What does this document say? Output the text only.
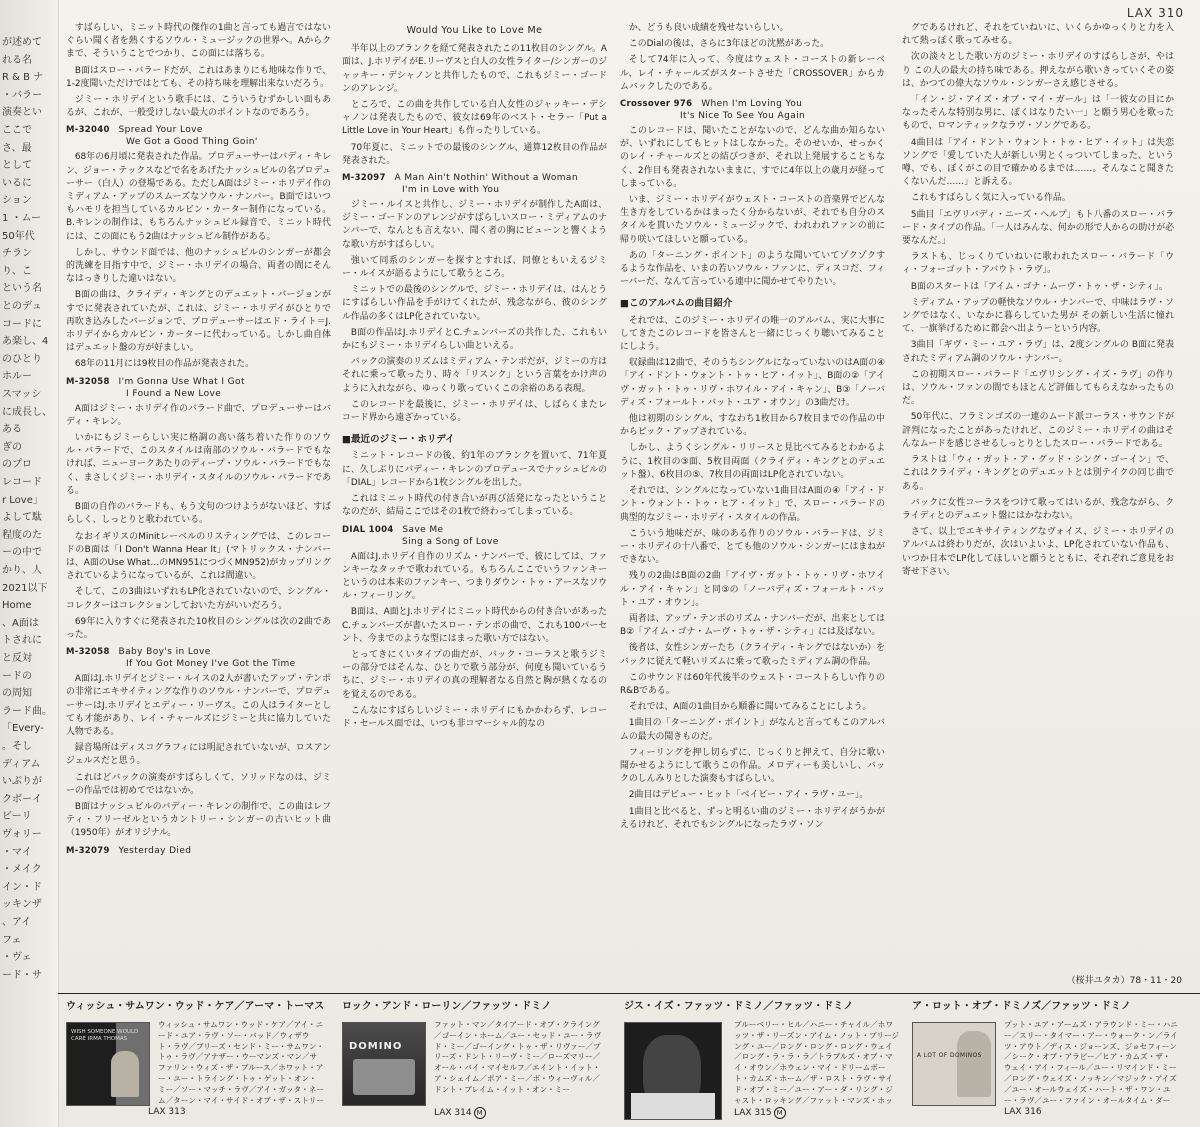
LAX 310
が述めて
れる名
R & B ナ
・バラー
演奏とい
ここで
さ、最
として
いるに
ション
1 ・ムー
50年代
チラン
り、こ
という名
とのデュ
コードに
あ楽し、4
のひとり
ホルー
スマッシ
に成長し、
ある
ぎの
のプロ
レコード
r Love」
よして駄
程度のた
ーの中で
かり、人
2021以下
Home
、A面は
トされに
と反対
ードの
の周知
ラード曲。
「Every-
。そし
ディアム
いぶりが
クボーイ
ビーリ
ヴォリー
・マイ
・メイク
イン・ド
ッキンザ
、アイ
フェ
・ヴェ
ード・サ

すばらしい、ミニット時代の傑作の1曲と言っても過言ではないぐらい聞く者を熱くするソウル・ミュージックの世界へ。Aからクまで、そういうことでつかり、この面には落ちる。

B面はスロー・バラードだが、これはあまりにも地味な作りで、1-2度聞いただけではとても、その持ち味を理解出来ないだろう。

ジミー・ホリデイという歌手には、こういうむずかしい面もあるが、これが、一般受けしない最大のポイントなのであろう。

M-32040 Spread Your Love
We Got a Good Thing Goin'

68年の6月頃に発表された作品。プロデューサーはバディ・キレン、ジョー・テックスなどで名をあげたナッシュビルの名プロデューサー（白人）の登場である。ただしA面はジミー・ホリデイ作のミディアム・アップのスムーズなソウル・ナンバー。B面ではいつもハモリを担当しているカルビン・カーター制作になっている。B.キレンの制作は、もちろんナッシュビル録音で、ミニット時代には、この面にもう2曲はナッシュビル制作がある。

しかし、サウンド面では、他のナッシュビルのシンガーが都会的洗練を目指す中で、ジミー・ホリデイの場合、両者の間にそんなはっきりした違いはない。

B面の曲は、クライディ・キングとのデュエット・バージョンがすでに発表されていたが、これは、ジミー・ホリデイがひとりで再吹き込みしたバージョンで、プロデューサーはエド・ライト＝J.ホリデイからカルビン・カーターに代わっている。しかし曲自体はデュエット盤の方が好ましい。

68年の11月には9枚目の作品が発表された。

M-32058 I'm Gonna Use What I Got
I Found a New Love

A面はジミー・ホリデイ作のバラード曲で、プロデューサーはバディ・キレン。

いかにもジミーらしい実に格調の高い落ち着いた作りのソウル・バラードで、このスタイルは南部のソウル・バラードでもなければ、ニューヨークあたりのディープ・ソウル・バラードでもなく、まさしくジミー・ホリデイ・スタイルのソウル・バラードである。

B面の自作のバラードも、もう文句のつけようがないほど、すばらしく、しっとりと歌われている。

なおイギリスのMinitレーベルのリスティングでは、このレコードのB面は「I Don't Wanna Hear It」(マトリックス・ナンバーは、A面のUse What…のMN951につづくMN952)がカップリングされているようになっているが、これは間違い。

そして、この3曲はいずれもLP化されていないので、シングル・コレクターはコレクションしておいた方がいいだろう。

69年に入りすぐに発表された10枚目のシングルは次の2曲であった。

M-32058 Baby Boy's in Love
If You Got Money I've Got the Time

A面はJ.ホリデイとジミー・ルイスの2人が書いたアップ・テンポの非常にエキサイティングな作りのソウル・ナンバーで、プロデューサーはJ.ホリデイとエディー・リーヴス。この人はライターとしても才能があり、レイ・チャールズにジミーと共に協力していた人物である。

録音場所はディスコグラフィには明記されていないが、ロスアンジェルスだと思う。

これはどバックの演奏がすばらしくて、ソリッドなのは、ジミーの作品では初めてではないか。

B面はナッシュビルのバディー・キレンの制作で、この曲はレフティ・フリーゼルというカントリー・シンガーの古いヒット曲（1950年）がオリジナル。

M-32079 Yesterday Died
Would You Like to Love Me

半年以上のブランクを経て発表されたこの11枚目のシングル。A面は、J.ホリデイがE.リーヴスと白人の女性ライター/シンガーのジャッキー・デシャノンと共作したもので、これもジミー・ゴードンのアレンジ。

ところで、この曲を共作している白人女性のジャッキー・デシャノンは発表したもので、彼女は69年のベスト・セラー「Put a Little Love in Your Heart」も作ったりしている。

70年夏に、ミニットでの最後のシングル、通算12枚目の作品が発表された。

M-32097 A Man Ain't Nothin' Without a Woman
I'm in Love with You

ジミー・ルイスと共作し、ジミー・ホリデイが制作したA面は、ジミー・ゴードンのアレンジがすばらしいスロー・ミディアムのナンバーで、なんとも言えない、聞く者の胸にピューンと響くような歌い方がすばらしい。

強いて同系のシンガーを探すとすれば、同僚ともいえるジミー・ルイスが語るようにして歌うところ。

ミニットでの最後のシングルで、ジミー・ホリデイは、はんとうにすばらしい作品を手がけてくれたが、残念ながら、彼のシングル作品の多くはLP化されていない。

B面の作品はJ.ホリデイとC.チェンバーズの共作した、これもいかにもジミー・ホリデイらしい曲といえる。

バックの演奏のリズムはミディアム・テンポだが、ジミーの方はそれに乗って歌ったり、時々「リスンク」という言葉をかけ声のように入れながら、ゆっくり歌っていくこの余裕のある表現。

このレコードを最後に、ジミー・ホリデイは、しばらくまたレコード界から遠ざかっている。

■最近のジミー・ホリデイ

ミニット・レコードの後、約1年のブランクを置いて、71年夏に、久しぶりにバディー・キレンのプロデュースでナッシュビルの「DIAL」レコードから1枚シングルを出した。

これはミニット時代の付き合いが再び活発になったということなのだが、結局ここではその1枚で終わってしまっている。

DIAL 1004 Save Me
Sing a Song of Love

A面はJ.ホリデイ自作のリズム・ナンバーで、彼にしては、ファンキーなタッチで歌われている。もちろんここでいうファンキーというのは本来のファンキー、つまりダウン・トゥ・アースなソウル・フィーリング。

B面は、A面とJ.ホリデイにミニット時代からの付き合いがあったC.チェンバーズが書いたスロー・テンポの曲で、これも100パーセント、今までのような型にはまった歌い方ではない。

とってきにくいタイプの曲だが、バック・コーラスと歌うジミーの部分ではそんな、ひとりで歌う部分が、何度も聞いているうちに、ジミー・ホリデイの真の理解者なる自然と胸が熱くなるのを覚えるのである。

こんなにすばらしいジミー・ホリデイにもかかわらず、レコード・セールス面では、いつも非コマーシャル的なの

か、どうも良い成績を残せないらしい。

このDialの後は、さらに3年ほどの沈黙があった。

そして74年に入って、今度はウェスト・コーストの新レーベル、レイ・チャールズがスタートさせた「CROSSOVER」からカムバックしたのである。

Crossover 976 When I'm Loving You
It's Nice To See You Again

このレコードは、聞いたことがないので、どんな曲か知らないが、いずれにしてもヒットはしなかった。そのせいか、せっかくのレイ・チャールズとの結びつきが、それ以上発展することもなく、2作目も発表されないままに、すでに4年以上の歳月が経ってしまっている。

いま、ジミー・ホリデイがウェスト・コーストの音楽界でどんな生き方をしているかはまったく分からないが、それでも自分のスタイルを貫いたソウル・ミュージックで、われわれファンの前に帰り咲いてほしいと願っている。

あの「ターニング・ポイント」のような聞いていてゾクゾクするような作品を、いまの若いソウル・ファンに、ディスコだ、フィーバーだ、なんて言っている連中に聞かせてやりたい。

■このアルバムの曲目紹介

それでは、このジミー・ホリデイの唯一のアルバム、実に大事にしてきたこのレコードを皆さんと一緒にじっくり聴いてみることにしよう。

収録曲は12曲で、そのうちシングルになっていないのはA面の④「アイ・ドント・ウォント・トゥ・ヒア・イット」、B面の②「アイヴ・ガット・トゥ・リヴ・ホワイル・アイ・キャン」、B③「ノーバディズ・フォールト・バット・ユア・オウン」の3曲だけ。

他は初期のシングル、すなわち1枚目から7枚目までの作品の中からピック・アップされている。

しかし、ようくシングル・リリースと見比べてみるとわかるように、1枚目の③面、5枚目両面（クライディ・キングとのデュエット盤）、6枚目の⑤、7枚目の両面はLP化されていない。

それでは、シングルになっていない1曲目はA面の④「アイ・ドント・ウォント・トゥ・ヒア・イット」で、スロー・バラードの典型的なジミー・ホリデイ・スタイルの作品。

こういう地味だが、味のある作りのソウル・バラードは、ジミー・ホリデイの十八番で、とても他のソウル・シンガーにはまねができない。

残りの2曲はB面の2曲「アイヴ・ガット・トゥ・リヴ・ホワイル・アイ・キャン」と同③の「ノーバディズ・フォールト・バット・ユア・オウン」。

両者は、アップ・テンポのリズム・ナンバーだが、出来としてはB②「アイム・ゴナ・ムーヴ・トゥ・ザ・シティ」には及ばない。

後者は、女性シンガーたち（クライディ・キングではないか）をバックに従えて軽いリズムに乗って歌ったミディアム調の作品。

このサウンドは60年代後半のウェスト・コーストらしい作りのR&Bである。

それでは、A面の1曲目から順番に聞いてみることにしよう。

1曲目の「ターニング・ポイント」がなんと言ってもこのアルバムの最大の聞きものだ。

フィーリングを押し切らずに、じっくりと押えて、自分に歌い聞かせるようにして歌うこの作品。メロディーも美しいし、バックのしんみりとした演奏もすばらしい。

2曲目はデビュー・ヒット「ベイビー・アイ・ラヴ・ユー」。

1曲目と比べると、ずっと明るい曲のジミー・ホリデイがうかがえるけれど、それでもシングルになったラヴ・ソン

グであるけれど、それをていねいに、いくらかゆっくりと力を入れて熱っぽく歌ってみせる。

次の淡々とした歌い方のジミー・ホリデイのすばらしさが、やはり この人の最大の持ち味である。押えながら歌いきっていくその姿は、かつての偉大なソウル・シンガーさえ感じさせる。

「イン・ジ・アイズ・オブ・マイ・ガール」は「一彼女の目にかなったそんな特別な男に、ぼくはなりたい一」と願う男心を歌ったもので、ロマンティックなラヴ・ソングである。

4曲目は「アイ・ドント・ウォント・トゥ・ヒア・イット」は失恋ソングで「愛していた人が新しい男とくっついてしまった、という噂、でも、ぼくがこの目で確かめるまでは……。そんなこと聞きたくないんだ……」と訴える。

これもすばらしく気に入っている作品。

5曲目「エヴリバディ・ニーズ・ヘルプ」もト八番のスロー・バラード・タイプの作品。「一人はみんな、何かの形で人からの助けが必要なんだ。」

ラストも、じっくりていねいに歌われたスロー・バラード「ウィ・フォーゴット・アバウト・ラヴ」。

B面のスタートは「アイム・ゴナ・ムーヴ・トゥ・ザ・シティ」。

ミディアム・アップの軽快なソウル・ナンバーで、中味はラヴ・ソングではなく、いなかに暮らしていた男が その新しい生活に憧れて、一旗挙げるために都会へ出ようーという内容。

3曲目「ギヴ・ミー・ユア・ラヴ」は、2度シングルの B面に発表されたミディアム調のソウル・ナンバー。

この初期スロー・バラード「エヴリシング・イズ・ラヴ」の作りは、ソウル・ファンの間でもほとんど評価してもらえなかったものだ。

50年代に、フラミンゴズの一連のムード派コーラス・サウンドが評判になったことがあったけれど、このジミー・ホリデイの曲はそんなムードを感じさせるしっとりとしたスロー・バラードである。

ラストは「ウィ・ガット・ア・グッド・シング・ゴーイン」で、これはクライディ・キングとのデュエットとは別テイクの同じ曲である。

バックに女性コーラスをつけて歌ってはいるが、残念ながら、クライディとのデュエット盤にはかなわない。

さて、以上でエキサイティングなヴォイス、ジミー・ホリデイのアルバムは終わりだが、次はいよいよ、LP化されていない作品も、いつか日本でLP化してほしいと願うとともに、それぞれご意見をお寄せ下さい。

（桜井ユタカ）78・11・20
ウィッシュ・サムワン・ウッド・ケア／アーマ・トーマス
WISH SOMEONE WOULD CARE IRMA THOMAS
ウィッシュ・サムワン・ウッド・ケア／アイ・ニード・ユア・ラヴ・ソー・バッド／ウィザウト・ラヴ／ブリーズ・センド・ミー・サムワン・トゥ・ラヴ／アナザー・ウーマンズ・マン／サファリン・ウィズ・ザ・ブルース／ホワット・アー・ユー・トライング・トゥ・ゲット・オン・ミー／ソー・マッチ・ラヴ／アイ・ガッタ・ネーム／ターン・マイ・サイド・オブ・ザ・ストリー
LAX 313
ロック・アンド・ローリン／ファッツ・ドミノ
DOMINO
ファット・マン／タイアード・オブ・クライング／ゴーイン・ホーム／ユー・セッド・ユー・ラヴド・ミー／ゴーイング・トゥ・ザ・リヴァー／プリーズ・ドント・リーヴ・ミー／ローズマリー／オール・バイ・マイセルフ／エイント・イット・ア・シェイム／ポア・ミー／ボ・ウィーヴィル／ドント・ブレイム・イット・オン・ミー
LAX 314 M
ジス・イズ・ファッツ・ドミノ／ファッツ・ドミノ
ブルーベリー・ヒル／ハニー・チャイル／ホワッツ・ザ・リーズン・アイム・ノット・プリージング・ユー／ロング・ロング・ロング・ウェイ／ロング・ラ・ラ・ラ／トラブルズ・オブ・マイ・オウン／ホウェン・マイ・ドリームボート・カムズ・ホーム／ザ・ロスト・ラヴ・サイド・オブ・ミー／ユー・アー・ダ・リング・ジャスト・ロッキング／ファット・マンズ・ホッ
LAX 315 M
ア・ロット・オブ・ドミノズ／ファッツ・ドミノ
A LOT OF DOMINOS
プット・ユア・アームズ・アラウンド・ミー・ハニー／スリー・タイマー・アー・ウォーク・ン／ライツ・アウト／ディス・ジョーンズ、ジョセフィーン／シーク・オブ・アラビー／ヒア・カムズ・ザ・ウェイ・アイ・フィール／ユー・リマインド・ミー／ロング・ウェイズ・ノッキン／マジック・アイズ／ユー・オールウェイズ・ハート・ザ・ワン・ユー・ラヴ／ユー・ファイン・オールタイム・ダー
LAX 316
